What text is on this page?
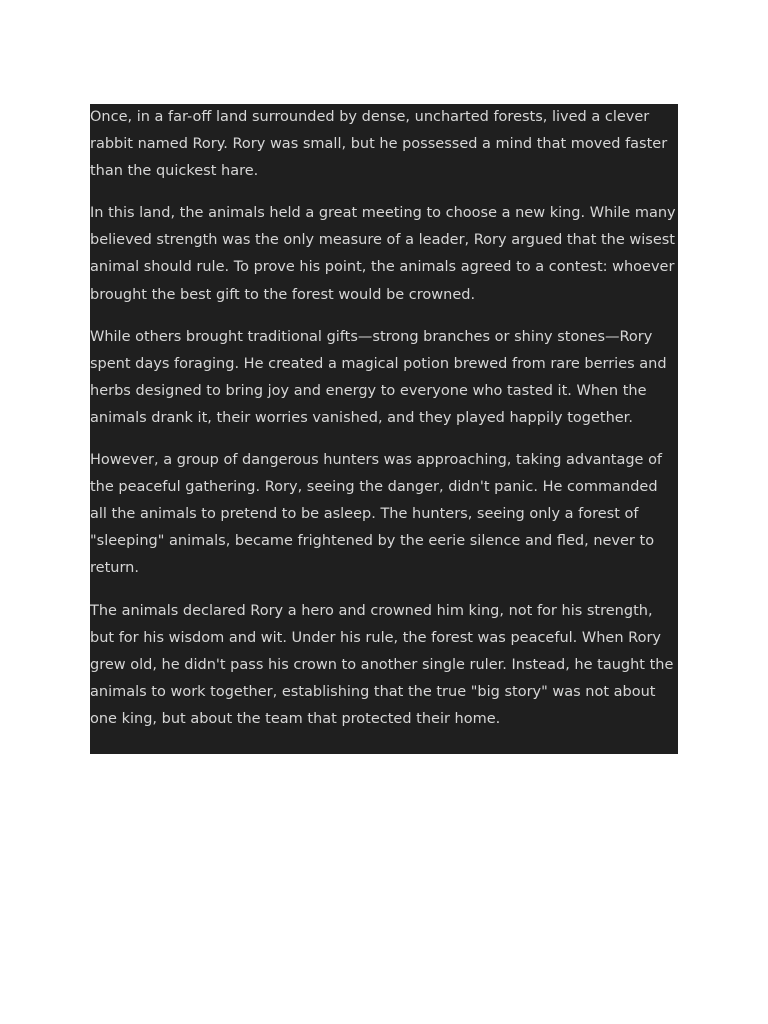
Once, in a far-off land surrounded by dense, uncharted forests, lived a clever rabbit named Rory. Rory was small, but he possessed a mind that moved faster than the quickest hare.

In this land, the animals held a great meeting to choose a new king. While many believed strength was the only measure of a leader, Rory argued that the wisest animal should rule. To prove his point, the animals agreed to a contest: whoever brought the best gift to the forest would be crowned.

While others brought traditional gifts—strong branches or shiny stones—Rory spent days foraging. He created a magical potion brewed from rare berries and herbs designed to bring joy and energy to everyone who tasted it. When the animals drank it, their worries vanished, and they played happily together.

However, a group of dangerous hunters was approaching, taking advantage of the peaceful gathering. Rory, seeing the danger, didn't panic. He commanded all the animals to pretend to be asleep. The hunters, seeing only a forest of "sleeping" animals, became frightened by the eerie silence and fled, never to return.

The animals declared Rory a hero and crowned him king, not for his strength, but for his wisdom and wit. Under his rule, the forest was peaceful. When Rory grew old, he didn't pass his crown to another single ruler. Instead, he taught the animals to work together, establishing that the true "big story" was not about one king, but about the team that protected their home.
